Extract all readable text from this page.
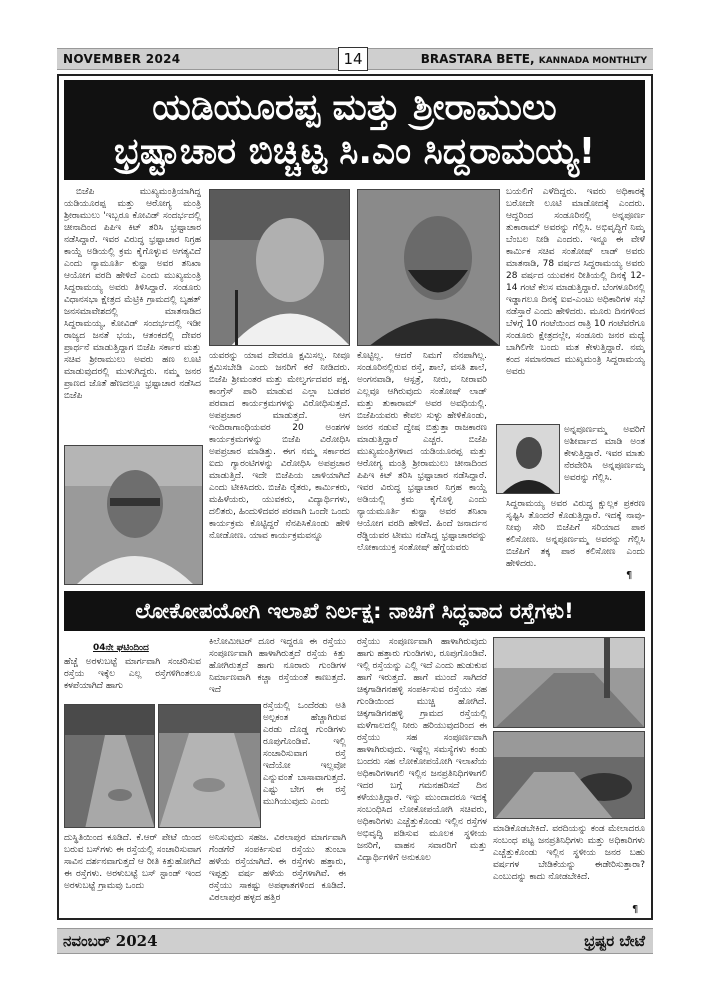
NOVEMBER 2024	BRASTARA BETE, KANNADA MONTHLTY
14
ಯಡಿಯೂರಪ್ಪ ಮತ್ತು ಶ್ರೀರಾಮುಲು
ಭ್ರಷ್ಟಾಚಾರ ಬಿಚ್ಚಿಟ್ಟ ಸಿ.ಎಂ ಸಿದ್ದರಾಮಯ್ಯ!
ಬಿಜೆಪಿ ಮುಖ್ಯಮಂತ್ರಿಯಾಗಿದ್ದ ಯಡಿಯೂರಪ್ಪ ಮತ್ತು ಆರೋಗ್ಯ ಮಂತ್ರಿ ಶ್ರೀರಾಮುಲು 'ಇಬ್ಬರೂ ಕೋವಿಡ್ ಸಂದರ್ಭದಲ್ಲಿ ಚೀನಾದಿಂದ ಪಿಪಿಇ ಕಿಟ್ ತರಿಸಿ ಭ್ರಷ್ಟಾಚಾರ ನಡೆಸಿದ್ದಾರೆ. ಇವರ ವಿರುದ್ಧ ಭ್ರಷ್ಟಾಚಾರ ನಿಗ್ರಹ ಕಾಯ್ದೆ ಅಡಿಯಲ್ಲಿ ಕ್ರಮ ಕೈಗೊಳ್ಳುವ ಅಗತ್ಯವಿದೆ ಎಂದು ನ್ಯಾಮೂರ್ತಿ ಕುನ್ಹಾ ಅವರ ತನಿಖಾ ಆಯೋಗ ವರದಿ ಹೇಳಿದೆ ಎಂದು ಮುಖ್ಯಮಂತ್ರಿ ಸಿದ್ದರಾಮಯ್ಯ ಅವರು ತಿಳಿಸಿದ್ದಾರೆ. ಸಂಡೂರು ವಿಧಾನಸಭಾ ಕ್ಷೇತ್ರದ ಮೆಟ್ರಿಕಿ ಗ್ರಾಮದಲ್ಲಿ ಬೃಹತ್ ಜನಸಮಾವೇಶದಲ್ಲಿ ಮಾತನಾಡಿದ ಸಿದ್ದರಾಮಯ್ಯ, ಕೋವಿಡ್ ಸಂದರ್ಭದಲ್ಲಿ ಇಡೀ ರಾಜ್ಯದ ಜನತೆ ಭಯ, ಆತಂಕದಲ್ಲಿ ದೇವರ ಪ್ರಾರ್ಥನೆ ಮಾಡುತ್ತಿದ್ದಾಗ ಬಿಜೆಪಿ ಸರ್ಕಾರ ಮತ್ತು ಸಚಿವ ಶ್ರೀರಾಮುಲು ಅವರು ಹಣ ಲೂಟಿ ಮಾಡುವುದರಲ್ಲಿ ಮುಳುಗಿದ್ದರು. ನಮ್ಮ ಜನರ ಪ್ರಾಣದ ಜೊತೆ ಹೆಣದಲ್ಲೂ ಭ್ರಷ್ಟಾಚಾರ ನಡೆಸಿದ ಬಿಜೆಪಿ
ಯವರನ್ನು ಯಾವ ದೇವರೂ ಕ್ಷಮಿಸಲ್ಲ. ನೀವೂ ಕ್ಷಮಿಸಬೇಡಿ ಎಂದು ಜನರಿಗೆ ಕರೆ ನೀಡಿದರು. ಬಿಜೆಪಿ ಶ್ರೀಮಂತರ ಮತ್ತು ಮೇಲ್ವರ್ಗದವರ ಪಕ್ಷ. ಕಾಂಗ್ರೆಸ್ ಪಾರಿ ಮಾಡುವ ಎಲ್ಲಾ ಬಡವರ ಪರವಾದ ಕಾರ್ಯಕ್ರಮಗಳನ್ನು ವಿರೋಧಿಸುತ್ತದೆ. ಅಪಪ್ರಚಾರ ಮಾಡುತ್ತದೆ. ಆಗ ಇಂದಿರಾಗಾಂಧಿಯವರ 20 ಅಂಶಗಳ ಕಾರ್ಯಕ್ರಮಗಳನ್ನು ಬಿಜೆಪಿ ವಿರೋಧಿಸಿ ಅಪಪ್ರಚಾರ ಮಾಡಿತ್ತು. ಈಗ ನಮ್ಮ ಸರ್ಕಾರದ ಐದು ಗ್ಯಾರಂಟಿಗಳನ್ನು ವಿರೋಧಿಸಿ ಅಪಪ್ರಚಾರ ಮಾಡುತ್ತಿದೆ. ಇದೇ ಬಿಜೆಪಿಯ ಚಾಳಿಯಾಗಿದೆ ಎಂದು ಟೀಕಿಸಿದರು. ಬಿಜೆಪಿ ರೈತರು, ಕಾರ್ಮಿಕರು, ಮಹಿಳೆಯರು, ಯುವಕರು, ವಿದ್ಯಾರ್ಥಿಗಳು, ದಲಿತರು, ಹಿಂದುಳಿದವರ ಪರವಾಗಿ ಒಂದೇ ಒಂದು ಕಾರ್ಯಕ್ರಮ ಕೊಟ್ಟಿದ್ದರೆ ನೆನಪಿಸಿಕೊಂಡು ಹೇಳಿ ನೋಡೋಣ. ಯಾವ ಕಾರ್ಯಕ್ರಮವನ್ನೂ
ಕೊಟ್ಟಿಲ್ಲ. ಆದರೆ ನಿಮಗೆ ನೆನಪಾಗಿಲ್ಲ. ಸಂಡೂರಿನಲ್ಲಿರುವ ರಸ್ತೆ, ಶಾಲೆ, ವಸತಿ ಶಾಲೆ, ಅಂಗನವಾಡಿ, ಆಸ್ಪತ್ರೆ, ನೀರು, ನೀರಾವರಿ ಎಲ್ಲವೂ ಆಗಿರುವುದು ಸಂತೋಷ್ ಲಾಡ್ ಮತ್ತು ತುಕಾರಾಮ್ ಅವರ ಅವಧಿಯಲ್ಲಿ. ಬಿಜೆಪಿಯವರು ಕೇವಲ ಸುಳ್ಳು ಹೇಳಿಕೊಂಡು, ಜನರ ನಡುವೆ ದ್ವೇಷ ಬಿತ್ತುತ್ತಾ ರಾಜಕಾರಣ ಮಾಡುತ್ತಿದ್ದಾರೆ ಎಚ್ಚರ. ಬಿಜೆಪಿ ಮುಖ್ಯಮಂತ್ರಿಗಳಾದ ಯಡಿಯೂರಪ್ಪ ಮತ್ತು ಆರೋಗ್ಯ ಮಂತ್ರಿ ಶ್ರೀರಾಮುಲು ಚೀನಾದಿಂದ ಪಿಪಿಇ ಕಿಟ್ ತರಿಸಿ ಭ್ರಷ್ಟಾಚಾರ ನಡೆಸಿದ್ದಾರೆ. ಇವರ ವಿರುದ್ಧ ಭ್ರಷ್ಟಾಚಾರ ನಿಗ್ರಹ ಕಾಯ್ದೆ ಅಡಿಯಲ್ಲಿ ಕ್ರಮ ಕೈಗೊಳ್ಳಿ ಎಂದು ನ್ಯಾಯಮೂರ್ತಿ ಕುನ್ಹಾ ಅವರ ತನಿಖಾ ಆಯೋಗ ವರದಿ ಹೇಳಿದೆ. ಹಿಂದೆ ಜನಾರ್ದನ ರೆಡ್ಡಿಯವರ ಟೀಮು ನಡೆಸಿದ್ದ ಭ್ರಷ್ಟಾಚಾರವನ್ನು ಲೋಕಾಯುಕ್ತ ಸಂತೋಷ್ ಹೆಗ್ಡೆಯವರು
ಬಯಲಿಗೆ ಎಳೆದಿದ್ದರು. ಇವರು ಅಧಿಕಾರಕ್ಕೆ ಬರೋದೇ ಲೂಟಿ ಮಾಡೋದಕ್ಕೆ ಎಂದರು. ಆದ್ದರಿಂದ ಸಂಡೂರಿನಲ್ಲಿ ಅನ್ನಪೂರ್ಣ ತುಕಾರಾಮ್ ಅವರನ್ನು ಗೆಲ್ಲಿಸಿ. ಅಭಿವೃದ್ಧಿಗೆ ನಿಮ್ಮ ಬೆಂಬಲ ನೀಡಿ ಎಂದರು. ಇನ್ನೂ ಈ ವೇಳೆ ಕಾರ್ಮಿಕ ಸಚಿವ ಸಂತೋಷ್ ಲಾಡ್ ಅವರು ಮಾತನಾಡಿ, 78 ವರ್ಷದ ಸಿದ್ದರಾಮಯ್ಯ ಅವರು 28 ವರ್ಷದ ಯುವಕನ ರೀತಿಯಲ್ಲಿ ದಿನಕ್ಕೆ 12-14 ಗಂಟೆ ಕೆಲಸ ಮಾಡುತ್ತಿದ್ದಾರೆ. ಬೆಂಗಳೂರಿನಲ್ಲಿ ಇಡ್ಡಾಗಲೂ ದಿನಕ್ಕೆ ಐವ-ಎಂಟು ಅಧಿಕಾರಿಗಳ ಸಭೆ ನಡೆಸ್ತಾರೆ ಎಂದು ಹೇಳಿದರು. ಮೂರು ದಿನಗಳಿಂದ ಬೆಳಗ್ಗೆ 10 ಗಂಟೆಯಿಂದ ರಾತ್ರಿ 10 ಗಂಟೆವರೆಗೂ ಸಂಡೂರು ಕ್ಷೇತ್ರದಲ್ಲೇ, ಸಂಡೂರು ಜನರ ಮಧ್ಯೆ ಬಾಗಿಲಿಗೇ ಬಂದು ಮತ ಕೇಳುತ್ತಿದ್ದಾರೆ. ನಮ್ಮ ಕಂದ ಸಮಾನರಾದ ಮುಖ್ಯಮಂತ್ರಿ ಸಿದ್ದರಾಮಯ್ಯ ಅವರು
ಅನ್ನಪೂರ್ಣಮ್ಮ ಅವರಿಗೆ ಅಶೀರ್ವಾದ ಮಾಡಿ ಅಂತ ಕೇಳುತ್ತಿದ್ದಾರೆ. ಇವರ ಮಾತು ನೆರವೇರಿಸಿ ಅನ್ನಪೂರ್ಣಮ್ಮ ಅವರನ್ನು ಗೆಲ್ಲಿಸಿ.
ಸಿದ್ದರಾಮಯ್ಯ ಅವರ ವಿರುದ್ಧ ಕ್ಷುಲ್ಲಕ ಪ್ರಕರಣ ಸೃಷ್ಟಿಸಿ ತೊಂದರೆ ಕೊಡುತ್ತಿದ್ದಾರೆ. ಇದಕ್ಕೆ ನಾವು-ನೀವು ಸೇರಿ ಬಿಜೆಪಿಗೆ ಸರಿಯಾದ ಪಾಠ ಕಲಿಸೋಣ. ಅನ್ನಪೂರ್ಣಮ್ಮ ಅವರನ್ನು ಗೆಲ್ಲಿಸಿ ಬಿಜೆಪಿಗೆ ತಕ್ಕ ಪಾಠ ಕಲಿಸೋಣ ಎಂದು ಹೇಳಿದರು.
¶
ಲೋಕೋಪಯೋಗಿ ಇಲಾಖೆ ನಿರ್ಲಕ್ಷ: ನಾಚಿಗೆ ಸಿದ್ಧವಾದ ರಸ್ತೆಗಳು!
04ನೇ ಘಟಿಂದಿಂದ
ಹೆಚ್ಚೆ ಅರಳುಬಟ್ಟೆ ಮಾರ್ಗವಾಗಿ ಸಂಚರಿಸುವ ರಸ್ತೆಯ ಇಕ್ಕೆಲ ಎಲ್ಲ ರಸ್ತೆಗಳಿಗಿಂತಲೂ ಕಳಪೆಯಾಗಿದೆ ಹಾಗು
ದುಸ್ಥಿತಿಯಿಂದ ಕೂಡಿದೆ. ಕೆ.ಆರ್ ಪೇಟೆ ಯಿಂದ ಬರುವ ಬಸ್‌ಗಳು ಈ ರಸ್ತೆಯಲ್ಲಿ ಸಂಚಾರಿಸುವಾಗ ಸಾವಿನ ದರ್ಶನವಾಗುತ್ತದೆ ಆ ರೀತಿ ಕಿತ್ತುಹೋಗಿದೆ ಈ ರಸ್ತೆಗಳು. ಅರಳುಬಟ್ಟೆ ಬಸ್ ಸ್ಟಾಂಡ್ ಇಂದ ಅರಳುಬಟ್ಟೆ ಗ್ರಾಮವು ಒಂದು
ಕಿಲೋಮೀಟರ್ ದೂರ ಇದ್ದರೂ ಈ ರಸ್ತೆಯು ಸಂಪೂರ್ಣವಾಗಿ ಹಾಳಾಗಿರುತ್ತದೆ ರಸ್ತೆಯ ಕಿತ್ತು ಹೋಗಿರುತ್ತದೆ ಹಾಗು ನೂರಾರು ಗುಂಡಿಗಳ ನಿರ್ಮಾಣವಾಗಿ ಕಚ್ಚಾ ರಸ್ತೆಯಂತೆ ಕಾಣುತ್ತದೆ. ಇದೆ
ರಸ್ತೆಯಲ್ಲಿ ಒಂದೆರಡು ಅತಿ ಅಲ್ಪಕಂತ ಹೆಚ್ಚಾಗಿರುವ ಎರಡು ದೊಡ್ಡ ಗುಂಡಿಗಳು ರೂಪುಗೊಂಡಿವೆ. ಇಲ್ಲಿ ಸಂಚಾರಿಸುವಾಗ ರಸ್ತೆ ಇದೆಯೋ ಇಲ್ಲವೋ ಎನ್ನುವಂತೆ ಬಾಸಾವಾಗುತ್ತದೆ. ಎಷ್ಟು ಬೇಗ ಈ ರಸ್ತೆ ಮುಗಿಯುವುದು ಎಂದು
ಅನಿಸುವುದು ಸಹಜ. ವಿಠಲಾಪುರ ಮಾರ್ಗವಾಗಿ ಗೆಂಡಗೆರೆ ಸಂಪರ್ಕಿಸುವ ರಸ್ತೆಯು ತುಂಬಾ ಹಳೆಯ ರಸ್ತೆಯಾಗಿದೆ. ಈ ರಸ್ತೆಗಳು ಹತ್ತಾರು, ಇಪ್ಪತ್ತು ವರ್ಷ ಹಳೆಯ ರಸ್ತೆಗಳಾಗಿವೆ. ಈ ರಸ್ತೆಯು ಸಾಕಷ್ಟು ಅಪಘಾತಗಳಿಂದ ಕೂಡಿದೆ. ವಿಠಲಾಪುರ ಹಳ್ಳದ ಹತ್ತಿರ
ರಸ್ತೆಯು ಸಂಪೂರ್ಣವಾಗಿ ಹಾಳಾಗಿರುವುದು ಹಾಗು ಹತ್ತಾರು ಗುಂಡಿಗಳು, ರೂಪುಗೊಂಡಿವೆ. ಇಲ್ಲಿ ರಸ್ತೆಯನ್ನು ಎಲ್ಲಿ ಇದೆ ಎಂದು ಹುಡುಕುವ ಹಾಗೆ ಇರುತ್ತದೆ. ಹಾಗೆ ಮುಂದೆ ಸಾಗಿದರೆ ಚಿಕ್ಕಗಾಡಿಗನಹಳ್ಳಿ ಸಂಪರ್ಕಿಸುವ ರಸ್ತೆಯು ಸಹ ಗುಂಡಿಯಿಂದ ಮುಚ್ಚಿ ಹೋಗಿದೆ. ಚಿಕ್ಕಗಾಡಿಗನಹಳ್ಳಿ ಗ್ರಾಮದ ರಸ್ತೆಯಲ್ಲಿ ಮಳೆಗಾಲದಲ್ಲಿ ನೀರು ಹರಿಯುವುದರಿಂದ ಈ ರಸ್ತೆಯು ಸಹ ಸಂಪೂರ್ಣವಾಗಿ ಹಾಳಾಗಿರುವುದು. ಇಷ್ಟೆಲ್ಲ ಸಮಸ್ಯೆಗಳು ಕಂಡು ಬಂದರು ಸಹ ಲೋಕೋಪಯೋಗಿ ಇಲಾಖೆಯ ಅಧಿಕಾರಿಗಳಾಗಲಿ ಇಲ್ಲಿನ ಜನಪ್ರತಿನಿಧಿಗಳಾಗಲಿ ಇದರ ಬಗ್ಗೆ ಗಮನಹರಿಸದೆ ದಿನ ಕಳೆಯುತ್ತಿದ್ದಾರೆ. ಇನ್ನು ಮುಂದಾದರೂ ಇದಕ್ಕೆ ಸಂಬಂಧಿಸಿದ ಲೋಕೋಪಯೋಗಿ ಸಚಿವರು, ಅಧಿಕಾರಿಗಳು ಎಚ್ಚೆತ್ತುಕೊಂಡು ಇಲ್ಲಿನ ರಸ್ತೆಗಳ ಅಭಿವೃದ್ಧಿ ಪಡಿಸುವ ಮೂಲಕ ಸ್ಥಳೀಯ ಜನರಿಗೆ, ವಾಹನ ಸವಾರರಿಗೆ ಮತ್ತು ವಿದ್ಯಾರ್ಥಿಗಳಿಗೆ ಅನುಕೂಲ
ಮಾಡಿಕೊಡಬೇಕಿದೆ. ವರದಿಯನ್ನು ಕಂಡ ಮೇಲಾದರೂ ಸಂಬಂಧ ಪಟ್ಟ ಜನಪ್ರತಿನಿಧಿಗಳು ಮತ್ತು ಅಧಿಕಾರಿಗಳು ಎಚ್ಚೆತ್ತುಕೊಂಡು ಇಲ್ಲಿನ ಸ್ಥಳೀಯ ಜನರ ಬಹು ವರ್ಷಗಳ ಬೇಡಿಕೆಯನ್ನು ಈಡೇರಿಸುತ್ತಾರಾ? ಎಂಬುದನ್ನು ಕಾದು ನೋಡಬೇಕಿದೆ.
¶
ನವಂಬರ್ 2024	ಭ್ರಷ್ಟರ ಬೇಟೆ
